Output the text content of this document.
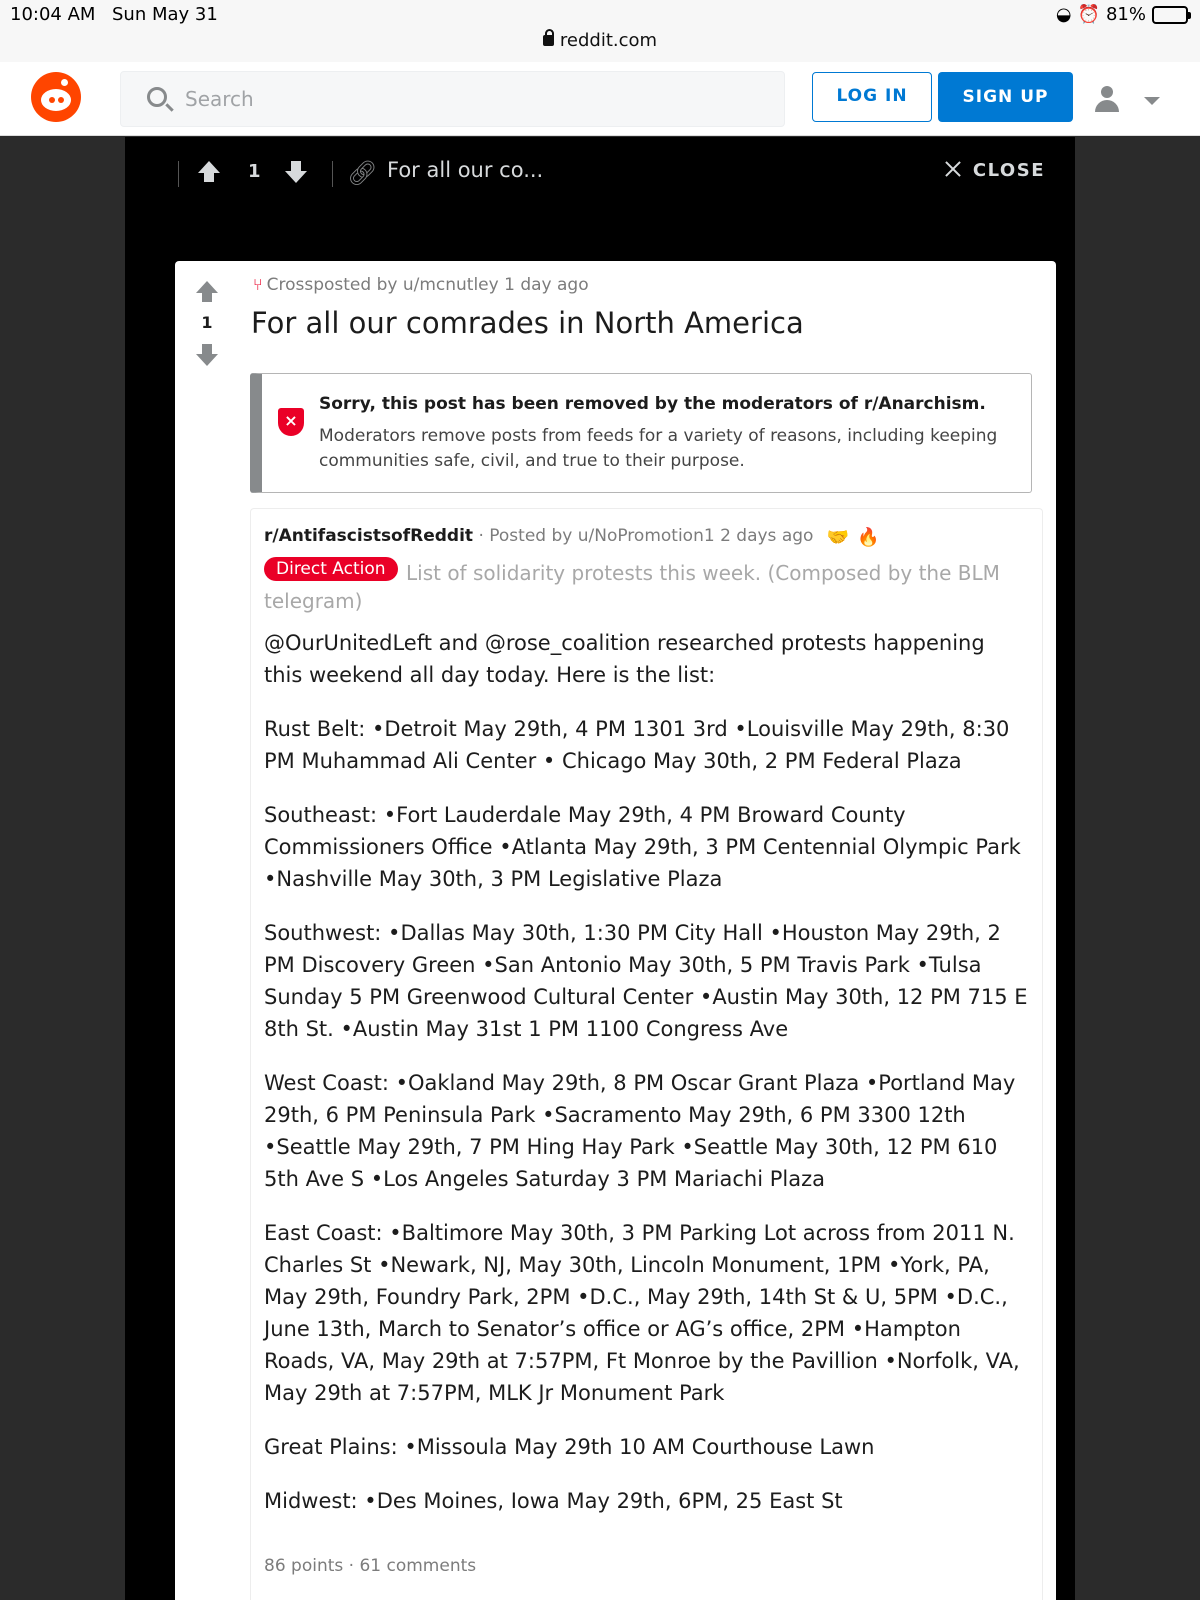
10:04 AM Sun May 31	◒ ⏰ 81%
reddit.com
Search	LOG IN	SIGN UP
1	🔗︎ For all our co...	CLOSE
1
⑂ Crossposted by u/mcnutley 1 day ago
For all our comrades in North America
×
Sorry, this post has been removed by the moderators of r/Anarchism.
Moderators remove posts from feeds for a variety of reasons, including keeping communities safe, civil, and true to their purpose.
r/AntifascistsofReddit · Posted by u/NoPromotion1 2 days ago 🤝 🔥
Direct Action	List of solidarity protests this week. (Composed by the BLM telegram)

@OurUnitedLeft and @rose_coalition researched protests happening this weekend all day today. Here is the list:

Rust Belt: •Detroit May 29th, 4 PM 1301 3rd •Louisville May 29th, 8:30 PM Muhammad Ali Center • Chicago May 30th, 2 PM Federal Plaza

Southeast: •Fort Lauderdale May 29th, 4 PM Broward County Commissioners Office •Atlanta May 29th, 3 PM Centennial Olympic Park •Nashville May 30th, 3 PM Legislative Plaza

Southwest: •Dallas May 30th, 1:30 PM City Hall •Houston May 29th, 2 PM Discovery Green •San Antonio May 30th, 5 PM Travis Park •Tulsa Sunday 5 PM Greenwood Cultural Center •Austin May 30th, 12 PM 715 E 8th St. •Austin May 31st 1 PM 1100 Congress Ave

West Coast: •Oakland May 29th, 8 PM Oscar Grant Plaza •Portland May 29th, 6 PM Peninsula Park •Sacramento May 29th, 6 PM 3300 12th •Seattle May 29th, 7 PM Hing Hay Park •Seattle May 30th, 12 PM 610 5th Ave S •Los Angeles Saturday 3 PM Mariachi Plaza

East Coast: •Baltimore May 30th, 3 PM Parking Lot across from 2011 N. Charles St •Newark, NJ, May 30th, Lincoln Monument, 1PM •York, PA, May 29th, Foundry Park, 2PM •D.C., May 29th, 14th St & U, 5PM •D.C., June 13th, March to Senator’s office or AG’s office, 2PM •Hampton Roads, VA, May 29th at 7:57PM, Ft Monroe by the Pavillion •Norfolk, VA, May 29th at 7:57PM, MLK Jr Monument Park

Great Plains: •Missoula May 29th 10 AM Courthouse Lawn

Midwest: •Des Moines, Iowa May 29th, 6PM, 25 East St

86 points · 61 comments
